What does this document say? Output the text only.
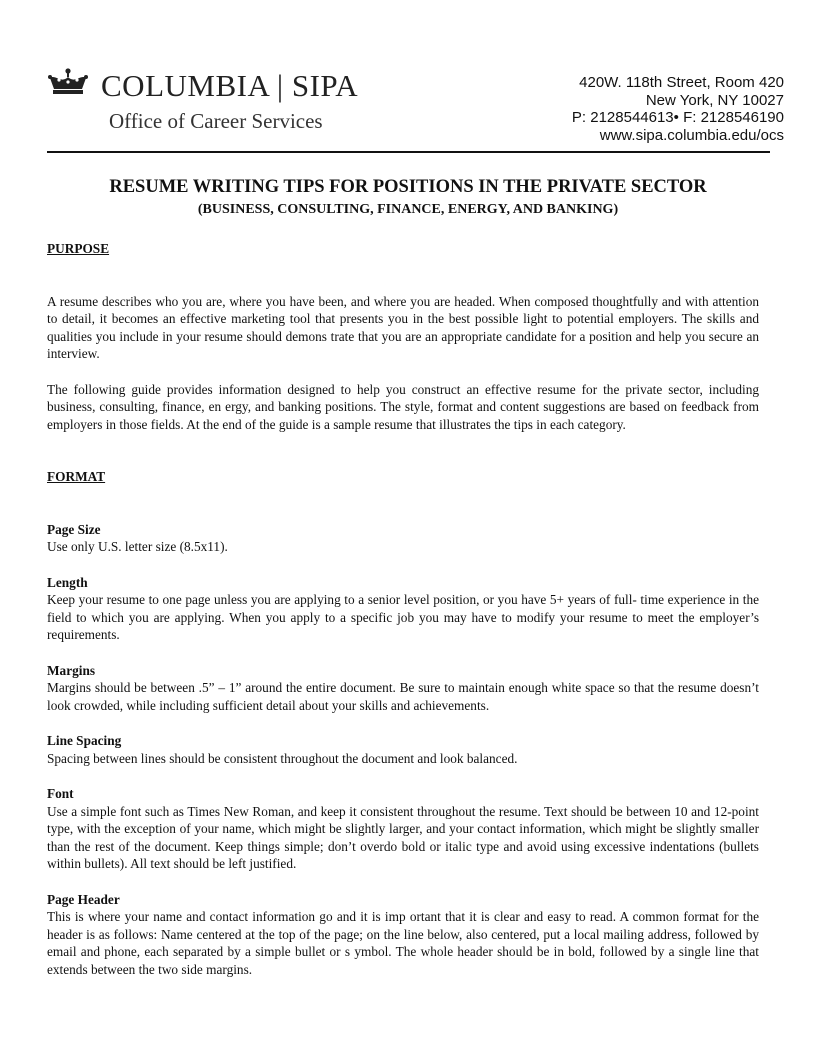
COLUMBIA | SIPA
Office of Career Services
420W. 118th Street, Room 420
New York, NY 10027
P: 2128544613• F: 2128546190
www.sipa.columbia.edu/ocs
RESUME WRITING TIPS FOR POSITIONS IN THE PRIVATE SECTOR
(BUSINESS, CONSULTING, FINANCE, ENERGY, AND BANKING)
PURPOSE

A resume describes who you are, where you have been, and where you are headed. When composed thoughtfully and with attention to detail, it becomes an effective marketing tool that presents you in the best possible light to potential employers. The skills and qualities you include in your resume should demons trate that you are an appropriate candidate for a position and help you secure an interview.

The following guide provides information designed to help you construct an effective resume for the private sector, including business, consulting, finance, en ergy, and banking positions. The style, format and content suggestions are based on feedback from employers in those fields. At the end of the guide is a sample resume that illustrates the tips in each category.

FORMAT
Page Size

Use only U.S. letter size (8.5x11).

Length

Keep your resume to one page unless you are applying to a senior level position, or you have 5+ years of full- time experience in the field to which you are applying. When you apply to a specific job you may have to modify your resume to meet the employer’s requirements.

Margins

Margins should be between .5” – 1” around the entire document. Be sure to maintain enough white space so that the resume doesn’t look crowded, while including sufficient detail about your skills and achievements.

Line Spacing

Spacing between lines should be consistent throughout the document and look balanced.

Font

Use a simple font such as Times New Roman, and keep it consistent throughout the resume. Text should be between 10 and 12-point type, with the exception of your name, which might be slightly larger, and your contact information, which might be slightly smaller than the rest of the document. Keep things simple; don’t overdo bold or italic type and avoid using excessive indentations (bullets within bullets). All text should be left justified.

Page Header

This is where your name and contact information go and it is imp ortant that it is clear and easy to read. A common format for the header is as follows: Name centered at the top of the page; on the line below, also centered, put a local mailing address, followed by email and phone, each separated by a simple bullet or s ymbol. The whole header should be in bold, followed by a single line that extends between the two side margins.
